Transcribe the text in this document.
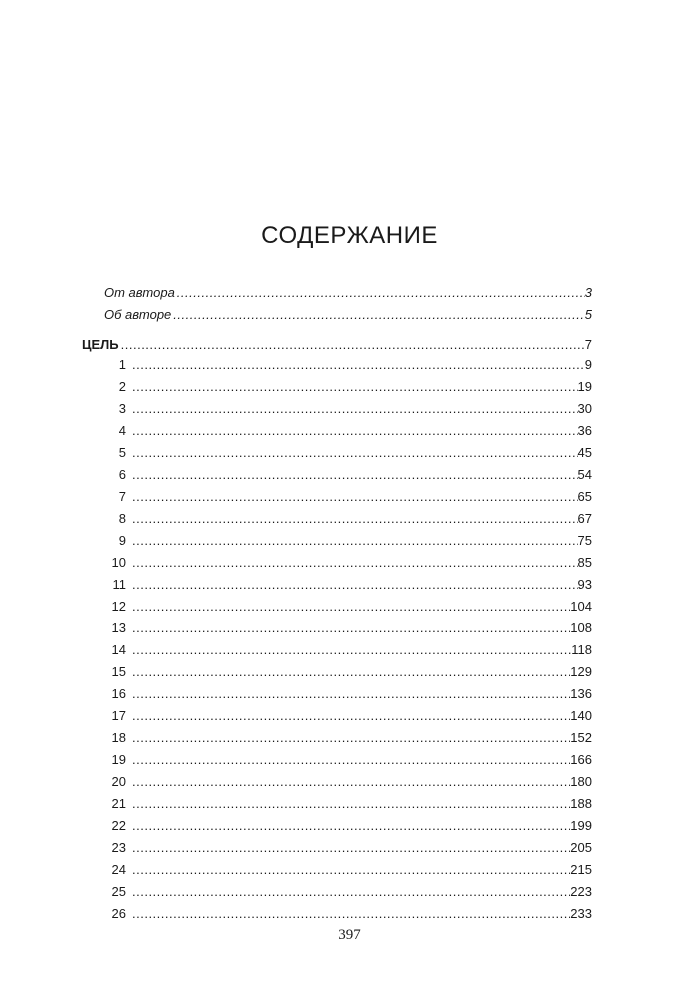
СОДЕРЖАНИЕ
От автора .....	3
Об авторе .....	5
ЦЕЛЬ .....	7
1 .....	9
2 .....	19
3 .....	30
4 .....	36
5 .....	45
6 .....	54
7 .....	65
8 .....	67
9 .....	75
10 .....	85
11 .....	93
12 .....	104
13 .....	108
14 .....	118
15 .....	129
16 .....	136
17 .....	140
18 .....	152
19 .....	166
20 .....	180
21 .....	188
22 .....	199
23 .....	205
24 .....	215
25 .....	223
26 .....	233
397
